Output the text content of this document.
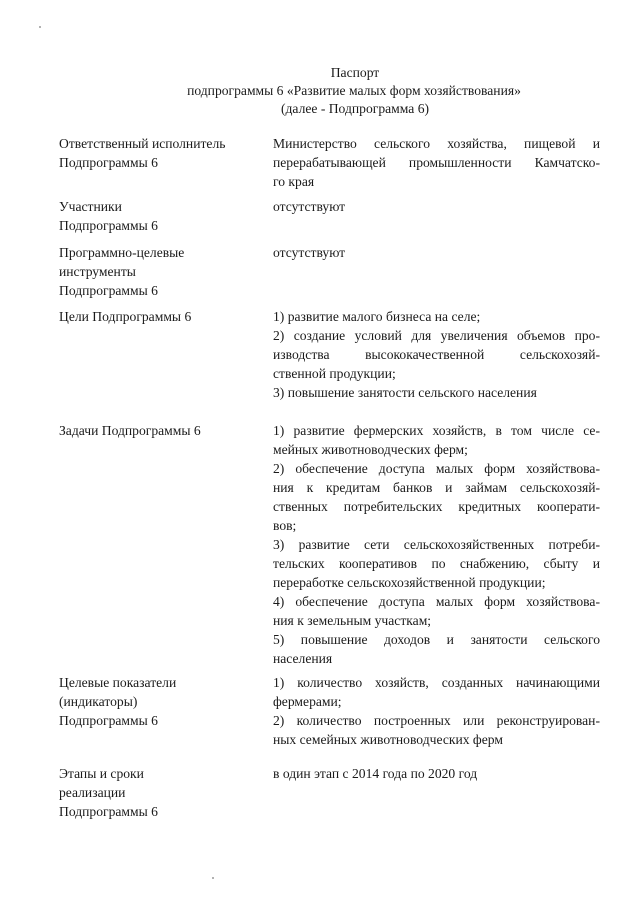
Паспорт
подпрограммы 6 «Развитие малых форм хозяйствования»
(далее - Подпрограмма 6)
Ответственный исполнитель
Подпрограммы 6

Министерство сельского хозяйства, пищевой и

перерабатывающей промышленности Камчатско-

го края

Участники
Подпрограммы 6

отсутствуют

Программно-целевые
инструменты
Подпрограммы 6

отсутствуют

Цели Подпрограммы 6	1) развитие малого бизнеса на селе;

2) создание условий для увеличения объемов про-

изводства высококачественной сельскохозяй-

ственной продукции;

3) повышение занятости сельского населения

Задачи Подпрограммы 6	1) развитие фермерских хозяйств, в том числе се-

мейных животноводческих ферм;

2) обеспечение доступа малых форм хозяйствова-

ния к кредитам банков и займам сельскохозяй-

ственных потребительских кредитных кооперати-

вов;

3) развитие сети сельскохозяйственных потреби-

тельских кооперативов по снабжению, сбыту и

переработке сельскохозяйственной продукции;

4) обеспечение доступа малых форм хозяйствова-

ния к земельным участкам;

5) повышение доходов и занятости сельского

населения

Целевые показатели
(индикаторы)
Подпрограммы 6

1) количество хозяйств, созданных начинающими

фермерами;

2) количество построенных или реконструирован-

ных семейных животноводческих ферм

Этапы и сроки
реализации
Подпрограммы 6

в один этап с 2014 года по 2020 год
